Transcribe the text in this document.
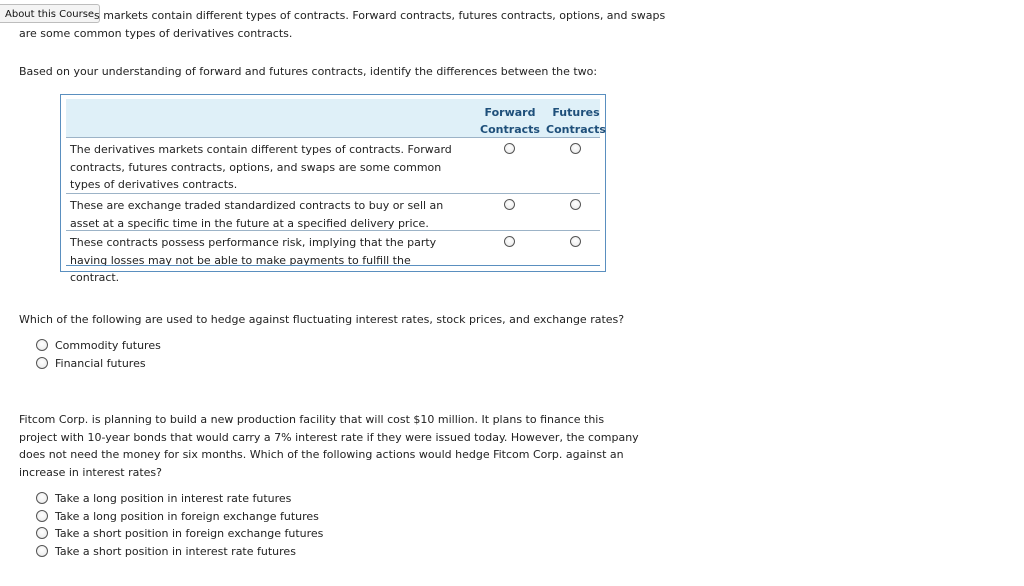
About this Course s markets contain different types of contracts. Forward contracts, futures contracts, options, and swaps
are some common types of derivatives contracts.
Based on your understanding of forward and futures contracts, identify the differences between the two:
Forward
Contracts
Futures
Contracts
The derivatives markets contain different types of contracts. Forward contracts, futures contracts, options, and swaps are some common types of derivatives contracts.
These are exchange traded standardized contracts to buy or sell an asset at a specific time in the future at a specified delivery price.
These contracts possess performance risk, implying that the party having losses may not be able to make payments to fulfill the contract.
Which of the following are used to hedge against fluctuating interest rates, stock prices, and exchange rates?
Commodity futures
Financial futures
Fitcom Corp. is planning to build a new production facility that will cost $10 million. It plans to finance this project with 10-year bonds that would carry a 7% interest rate if they were issued today. However, the company does not need the money for six months. Which of the following actions would hedge Fitcom Corp. against an increase in interest rates?
Take a long position in interest rate futures
Take a long position in foreign exchange futures
Take a short position in foreign exchange futures
Take a short position in interest rate futures
